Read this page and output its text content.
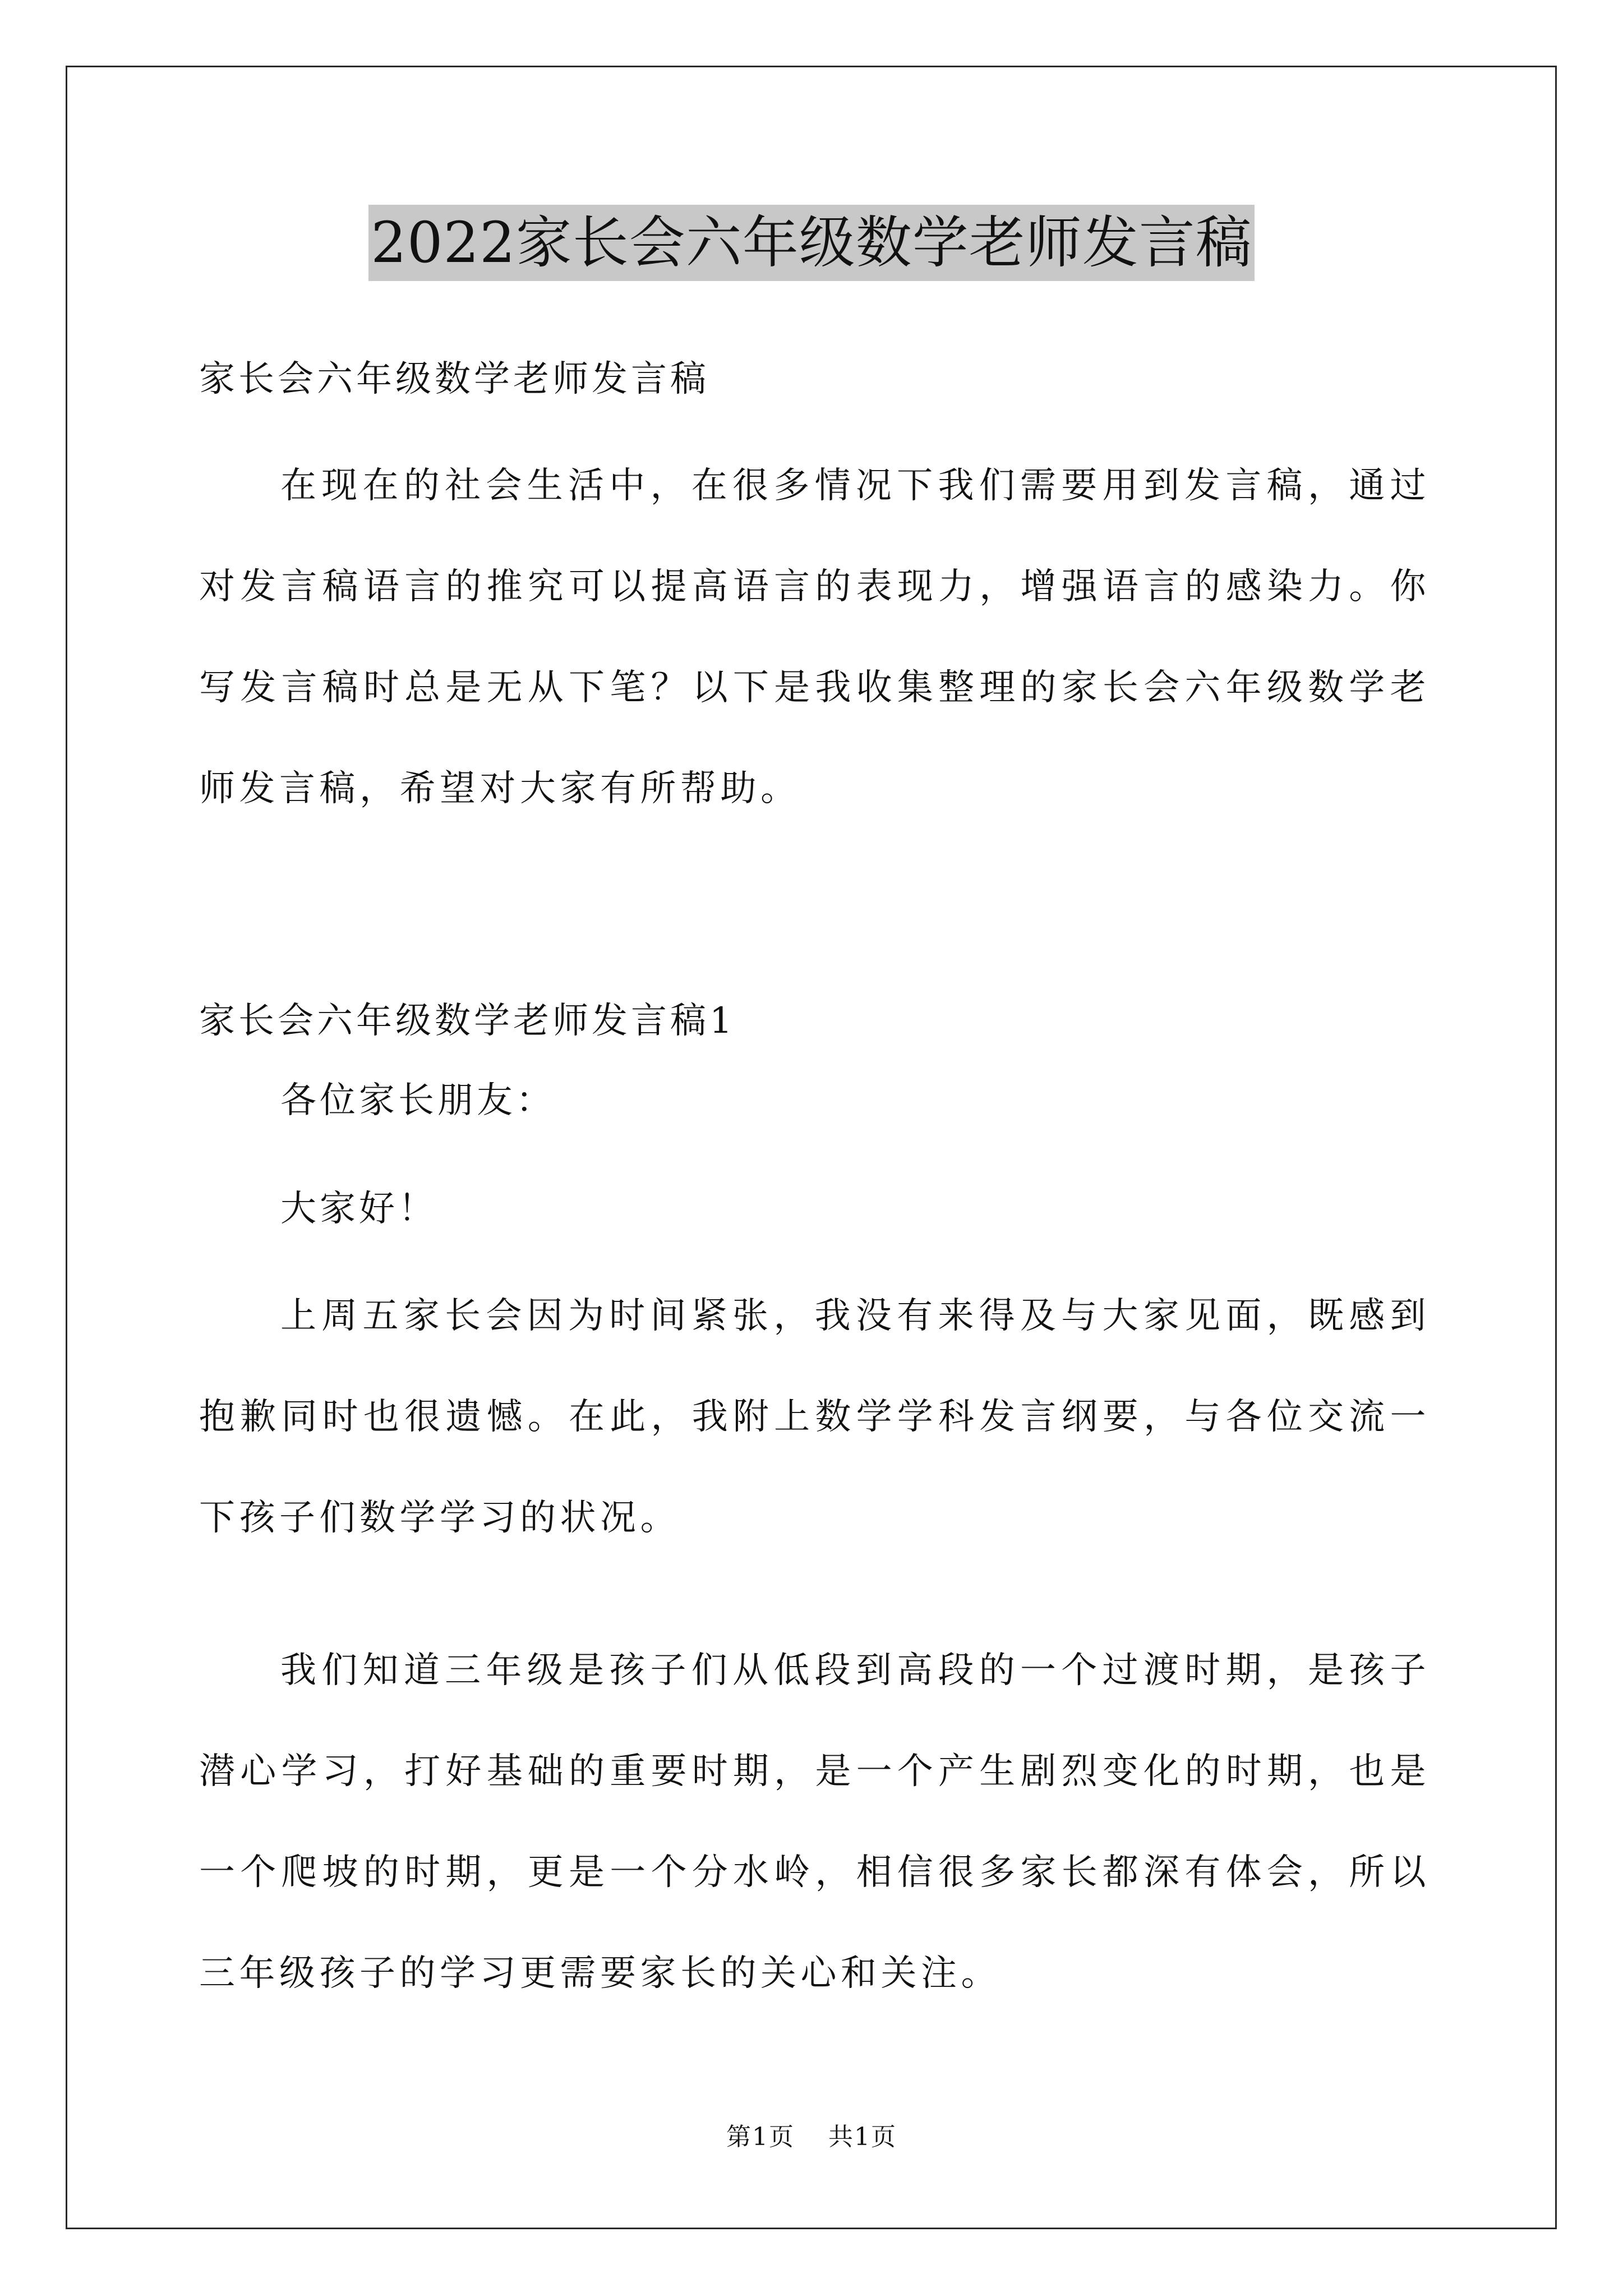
2022家长会六年级数学老师发言稿
家长会六年级数学老师发言稿

在现在的社会生活中，在很多情况下我们需要用到发言稿，通过对发言稿语言的推究可以提高语言的表现力，增强语言的感染力。你写发言稿时总是无从下笔？以下是我收集整理的家长会六年级数学老师发言稿，希望对大家有所帮助。

家长会六年级数学老师发言稿1
各位家长朋友：
大家好！

上周五家长会因为时间紧张，我没有来得及与大家见面，既感到抱歉同时也很遗憾。在此，我附上数学学科发言纲要，与各位交流一下孩子们数学学习的状况。

我们知道三年级是孩子们从低段到高段的一个过渡时期，是孩子潜心学习，打好基础的重要时期，是一个产生剧烈变化的时期，也是一个爬坡的时期，更是一个分水岭，相信很多家长都深有体会，所以三年级孩子的学习更需要家长的关心和关注。

第1页 共1页
